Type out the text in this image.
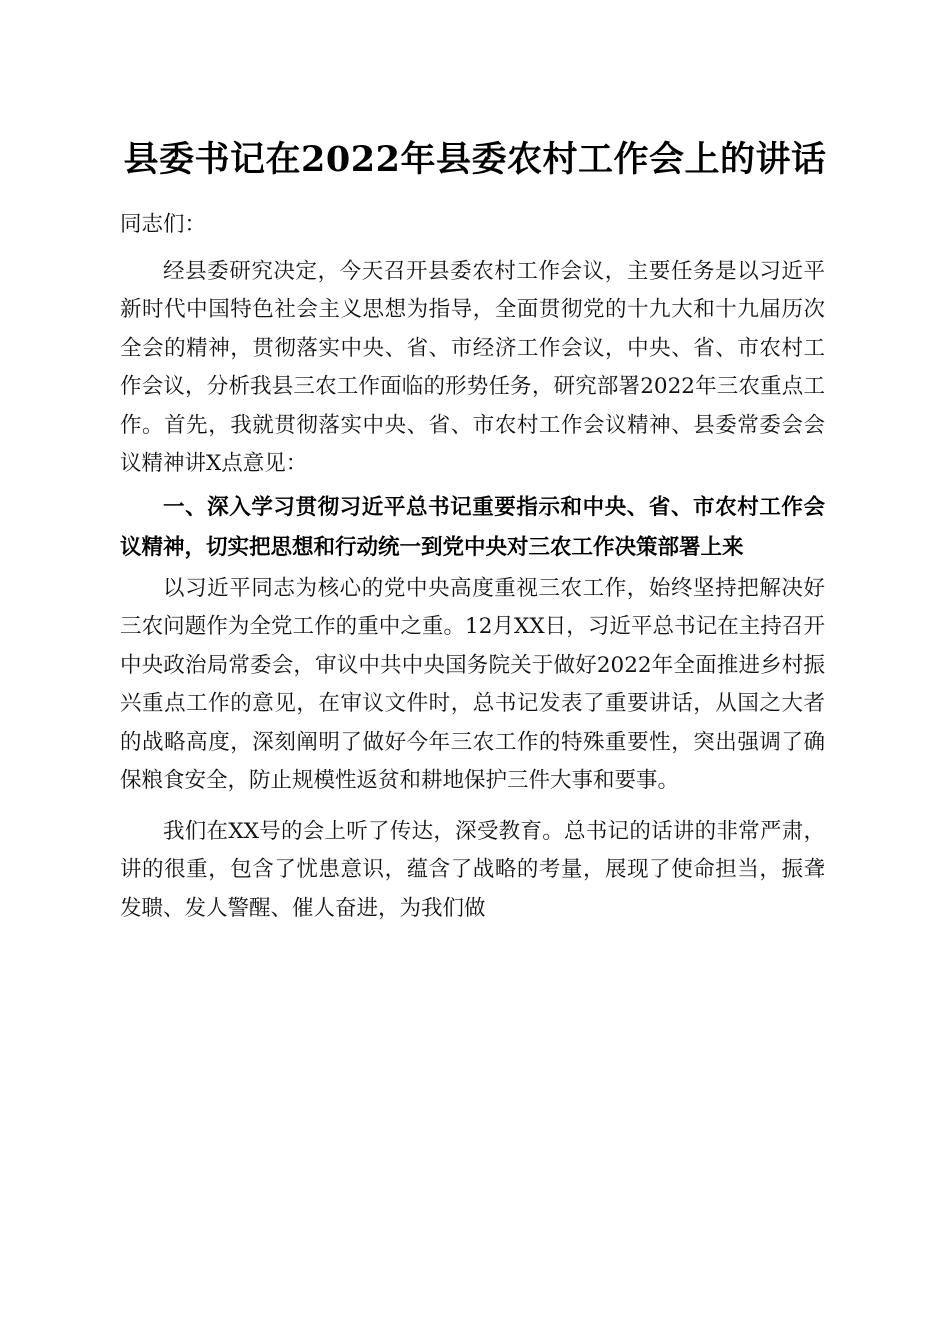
县委书记在2022年县委农村工作会上的讲话

同志们：

经县委研究决定，今天召开县委农村工作会议，主要任务是以习近平新时代中国特色社会主义思想为指导，全面贯彻党的十九大和十九届历次全会的精神，贯彻落实中央、省、市经济工作会议，中央、省、市农村工作会议，分析我县三农工作面临的形势任务，研究部署2022年三农重点工作。首先，我就贯彻落实中央、省、市农村工作会议精神、县委常委会会议精神讲X点意见：

一、深入学习贯彻习近平总书记重要指示和中央、省、市农村工作会议精神，切实把思想和行动统一到党中央对三农工作决策部署上来

以习近平同志为核心的党中央高度重视三农工作，始终坚持把解决好三农问题作为全党工作的重中之重。12月XX日，习近平总书记在主持召开中央政治局常委会，审议中共中央国务院关于做好2022年全面推进乡村振兴重点工作的意见，在审议文件时，总书记发表了重要讲话，从国之大者的战略高度，深刻阐明了做好今年三农工作的特殊重要性，突出强调了确保粮食安全，防止规模性返贫和耕地保护三件大事和要事。

我们在XX号的会上听了传达，深受教育。总书记的话讲的非常严肃，讲的很重，包含了忧患意识，蕴含了战略的考量，展现了使命担当，振聋发聩、发人警醒、催人奋进，为我们做
